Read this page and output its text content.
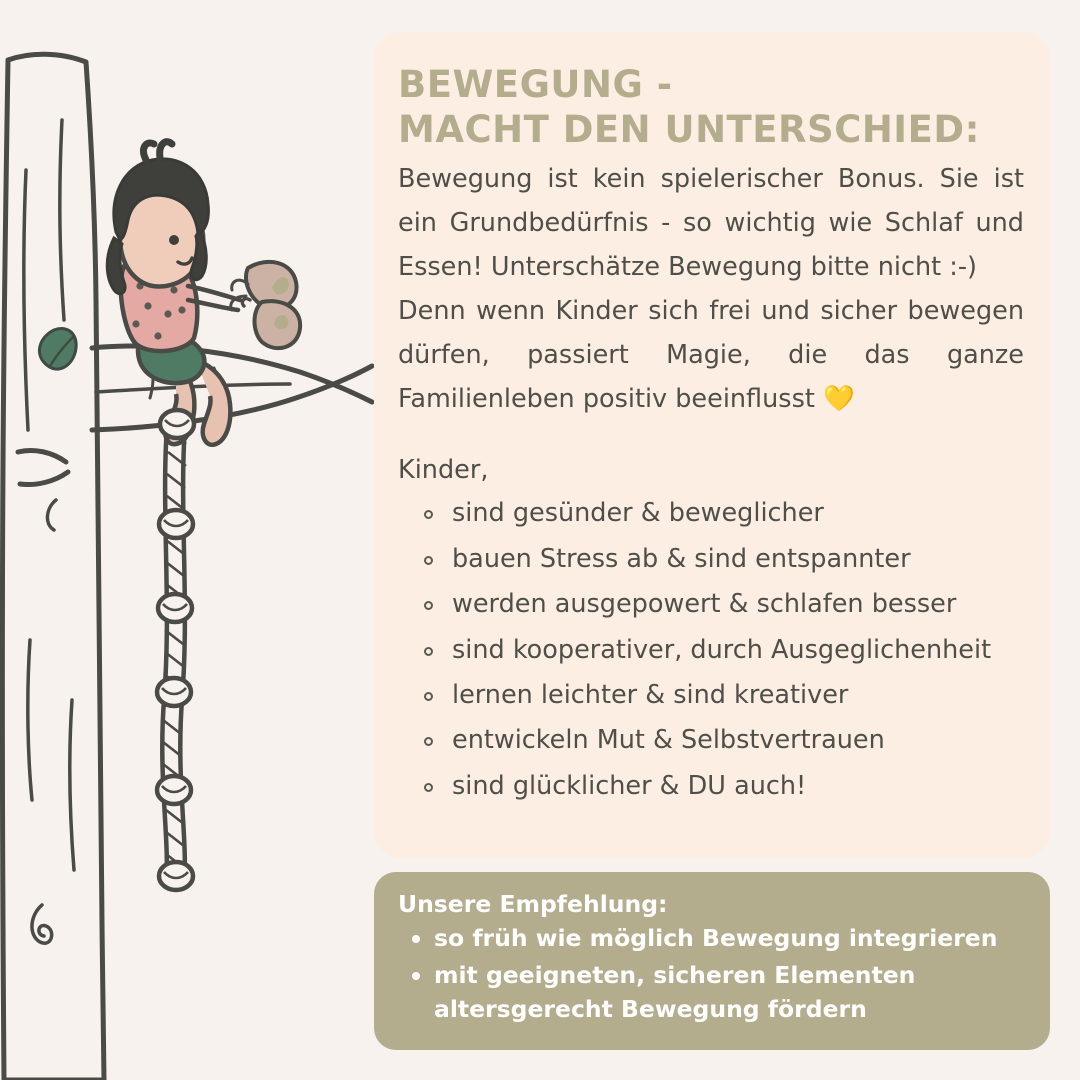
BEWEGUNG -
MACHT DEN UNTERSCHIED:

Bewegung ist kein spielerischer Bonus. Sie ist ein Grundbedürfnis - so wichtig wie Schlaf und Essen! Unterschätze Bewegung bitte nicht :-)

Denn wenn Kinder sich frei und sicher bewegen dürfen, passiert Magie, die das ganze Familienleben positiv beeinflusst 💛

Kinder,

sind gesünder & beweglicher
bauen Stress ab & sind entspannter
werden ausgepowert & schlafen besser
sind kooperativer, durch Ausgeglichenheit
lernen leichter & sind kreativer
entwickeln Mut & Selbstvertrauen
sind glücklicher & DU auch!

Unsere Empfehlung:

so früh wie möglich Bewegung integrieren
mit geeigneten, sicheren Elementen
altersgerecht Bewegung fördern
